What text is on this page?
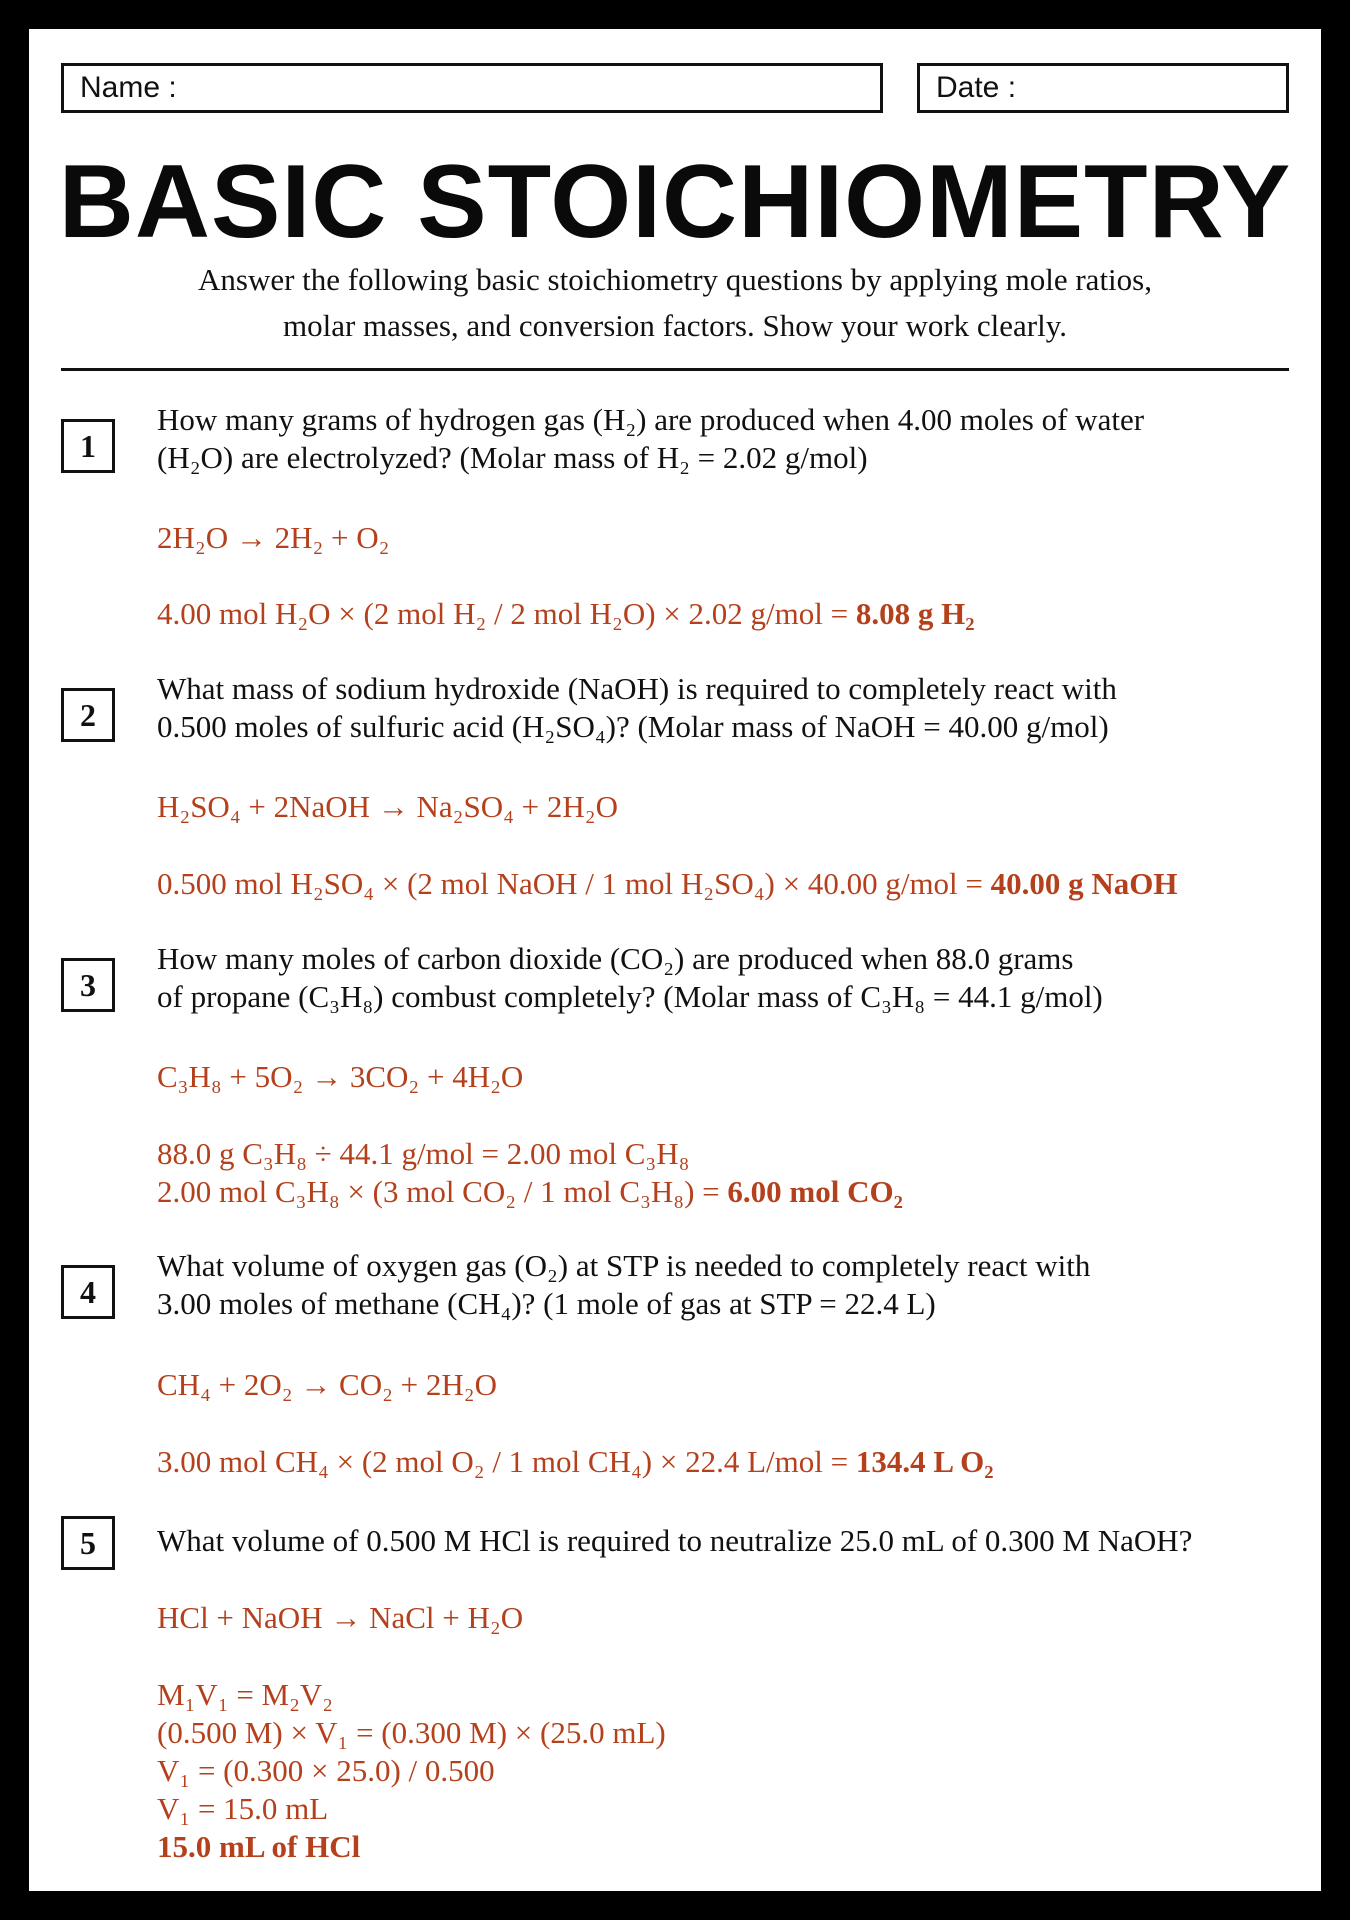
Name :	Date :
BASIC STOICHIOMETRY
Answer the following basic stoichiometry questions by applying mole ratios,
molar masses, and conversion factors. Show your work clearly.
1
How many grams of hydrogen gas (H₂) are produced when 4.00 moles of water
(H₂O) are electrolyzed? (Molar mass of H₂ = 2.02 g/mol)
2H₂O → 2H₂ + O₂
4.00 mol H₂O × (2 mol H₂ / 2 mol H₂O) × 2.02 g/mol = 8.08 g H₂
2
What mass of sodium hydroxide (NaOH) is required to completely react with
0.500 moles of sulfuric acid (H₂SO₄)? (Molar mass of NaOH = 40.00 g/mol)
H₂SO₄ + 2NaOH → Na₂SO₄ + 2H₂O
0.500 mol H₂SO₄ × (2 mol NaOH / 1 mol H₂SO₄) × 40.00 g/mol = 40.00 g NaOH
3
How many moles of carbon dioxide (CO₂) are produced when 88.0 grams
of propane (C₃H₈) combust completely? (Molar mass of C₃H₈ = 44.1 g/mol)
C₃H₈ + 5O₂ → 3CO₂ + 4H₂O
88.0 g C₃H₈ ÷ 44.1 g/mol = 2.00 mol C₃H₈
2.00 mol C₃H₈ × (3 mol CO₂ / 1 mol C₃H₈) = 6.00 mol CO₂
4
What volume of oxygen gas (O₂) at STP is needed to completely react with
3.00 moles of methane (CH₄)? (1 mole of gas at STP = 22.4 L)
CH₄ + 2O₂ → CO₂ + 2H₂O
3.00 mol CH₄ × (2 mol O₂ / 1 mol CH₄) × 22.4 L/mol = 134.4 L O₂
5	What volume of 0.500 M HCl is required to neutralize 25.0 mL of 0.300 M NaOH?
HCl + NaOH → NaCl + H₂O
M₁V₁ = M₂V₂
(0.500 M) × V₁ = (0.300 M) × (25.0 mL)
V₁ = (0.300 × 25.0) / 0.500
V₁ = 15.0 mL
15.0 mL of HCl
